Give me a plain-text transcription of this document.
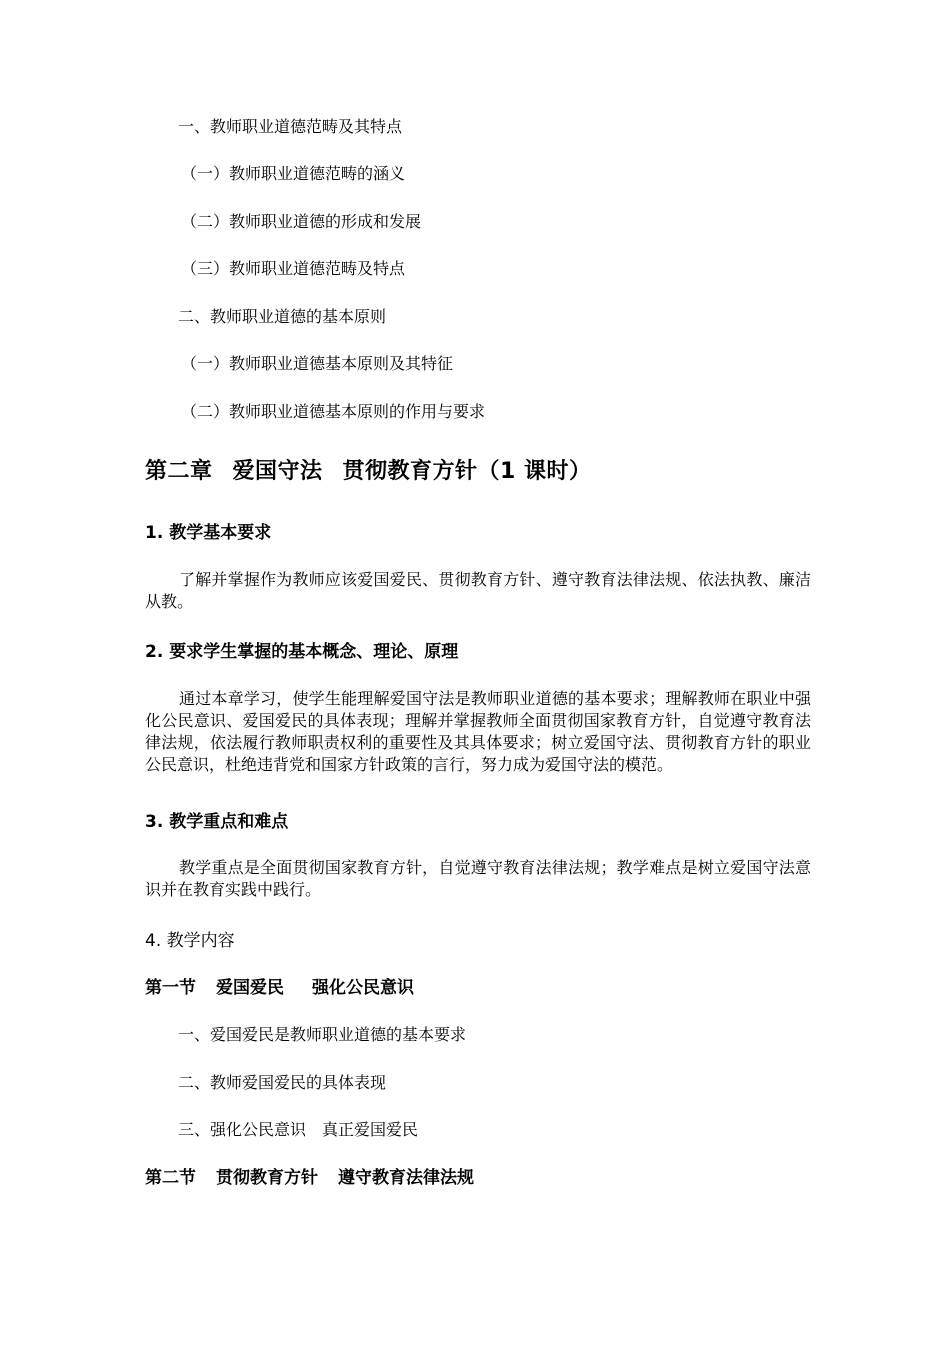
一、教师职业道德范畴及其特点
（一）教师职业道德范畴的涵义
（二）教师职业道德的形成和发展
（三）教师职业道德范畴及特点
二、教师职业道德的基本原则
（一）教师职业道德基本原则及其特征
（二）教师职业道德基本原则的作用与要求
第二章 爱国守法 贯彻教育方针（1 课时）
1. 教学基本要求

了解并掌握作为教师应该爱国爱民、贯彻教育方针、遵守教育法律法规、依法执教、廉洁从教。

2. 要求学生掌握的基本概念、理论、原理

通过本章学习，使学生能理解爱国守法是教师职业道德的基本要求；理解教师在职业中强化公民意识、爱国爱民的具体表现；理解并掌握教师全面贯彻国家教育方针，自觉遵守教育法律法规，依法履行教师职责权利的重要性及其具体要求；树立爱国守法、贯彻教育方针的职业公民意识，杜绝违背党和国家方针政策的言行，努力成为爱国守法的模范。

3. 教学重点和难点

教学重点是全面贯彻国家教育方针，自觉遵守教育法律法规；教学难点是树立爱国守法意识并在教育实践中践行。

4. 教学内容
第一节 爱国爱民 强化公民意识
一、爱国爱民是教师职业道德的基本要求
二、教师爱国爱民的具体表现
三、强化公民意识　真正爱国爱民
第二节 贯彻教育方针 遵守教育法律法规
